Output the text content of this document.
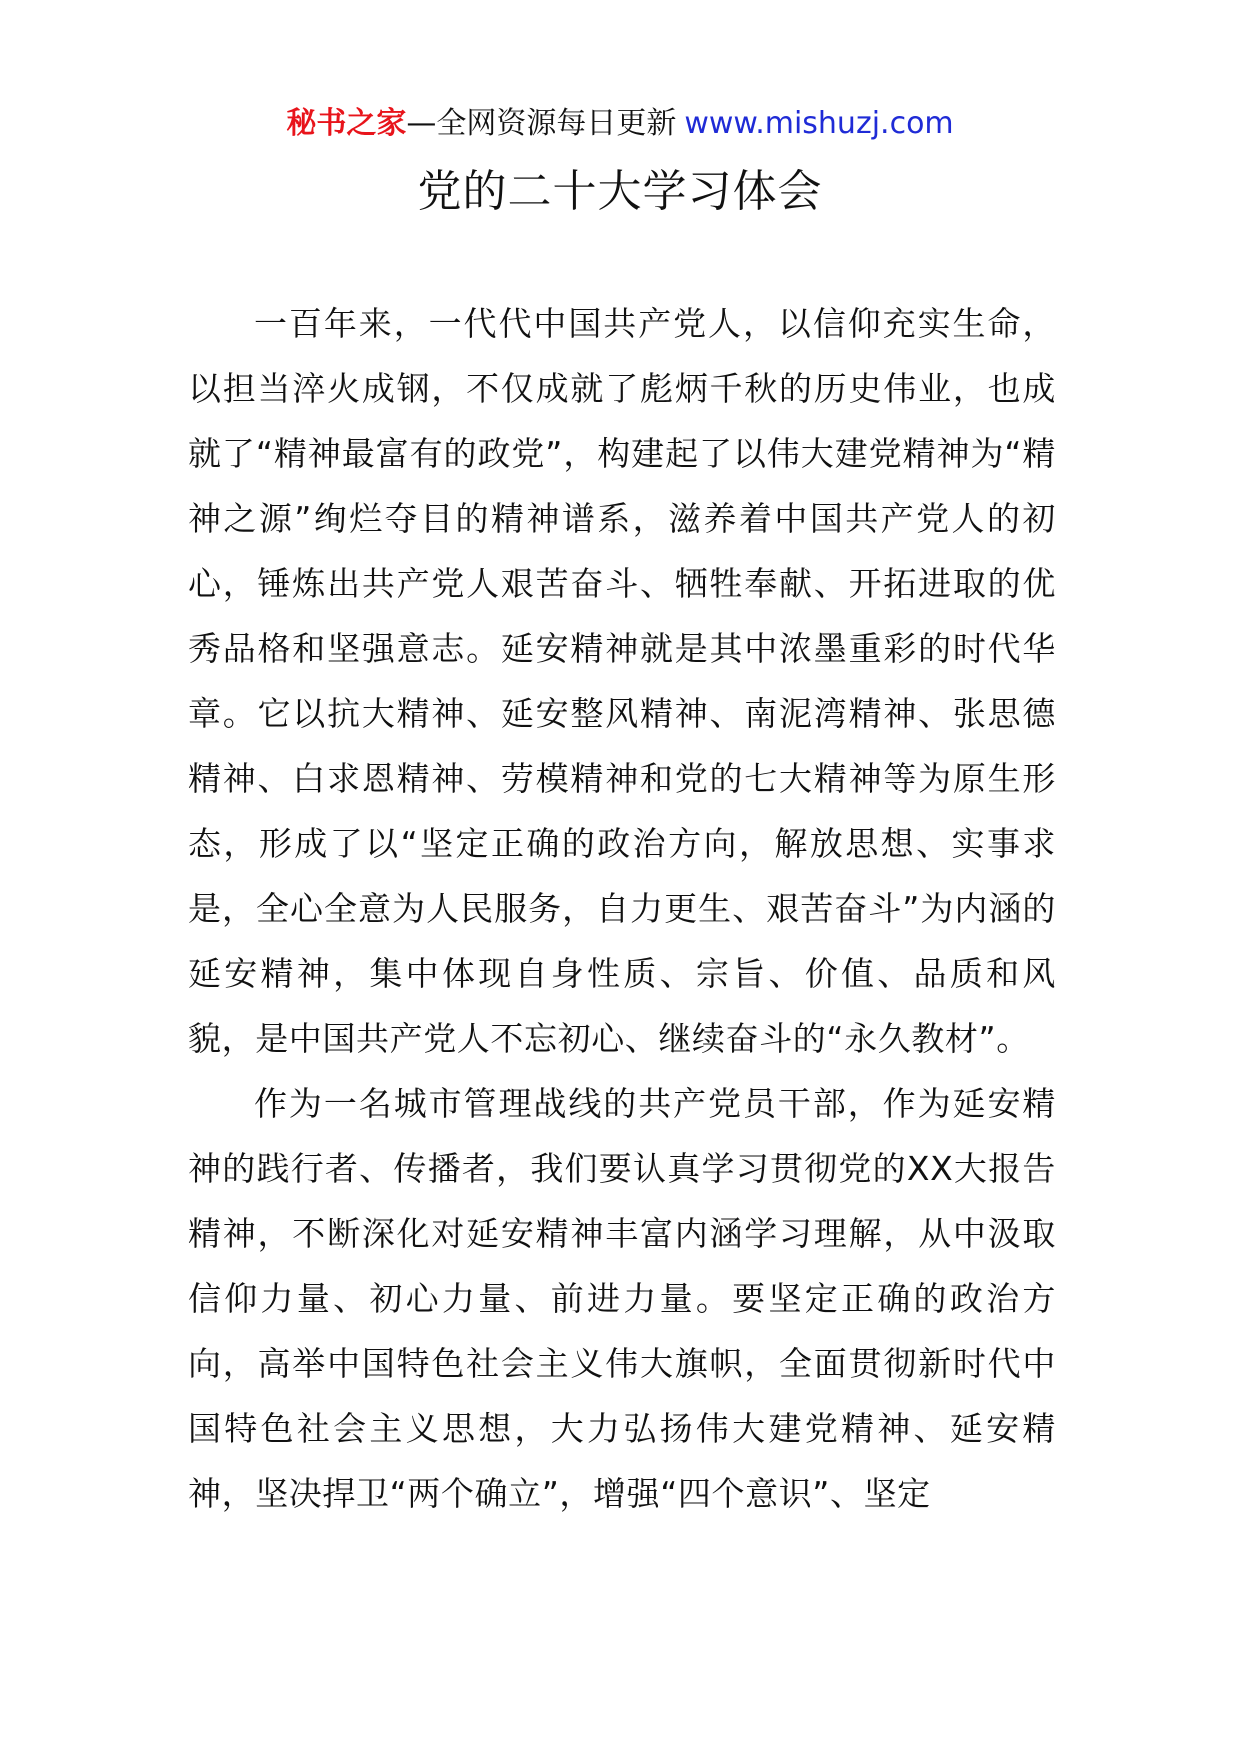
秘书之家—全网资源每日更新 www.mishuzj.com
党的二十大学习体会

一百年来，一代代中国共产党人，以信仰充实生命，以担当淬火成钢，不仅成就了彪炳千秋的历史伟业，也成就了“精神最富有的政党”，构建起了以伟大建党精神为“精神之源”绚烂夺目的精神谱系，滋养着中国共产党人的初心，锤炼出共产党人艰苦奋斗、牺牲奉献、开拓进取的优秀品格和坚强意志。延安精神就是其中浓墨重彩的时代华章。它以抗大精神、延安整风精神、南泥湾精神、张思德精神、白求恩精神、劳模精神和党的七大精神等为原生形态，形成了以“坚定正确的政治方向，解放思想、实事求是，全心全意为人民服务，自力更生、艰苦奋斗”为内涵的延安精神，集中体现自身性质、宗旨、价值、品质和风貌，是中国共产党人不忘初心、继续奋斗的“永久教材”。

作为一名城市管理战线的共产党员干部，作为延安精神的践行者、传播者，我们要认真学习贯彻党的XX大报告精神，不断深化对延安精神丰富内涵学习理解，从中汲取信仰力量、初心力量、前进力量。要坚定正确的政治方向，高举中国特色社会主义伟大旗帜，全面贯彻新时代中国特色社会主义思想，大力弘扬伟大建党精神、延安精神，坚决捍卫“两个确立”，增强“四个意识”、坚定
